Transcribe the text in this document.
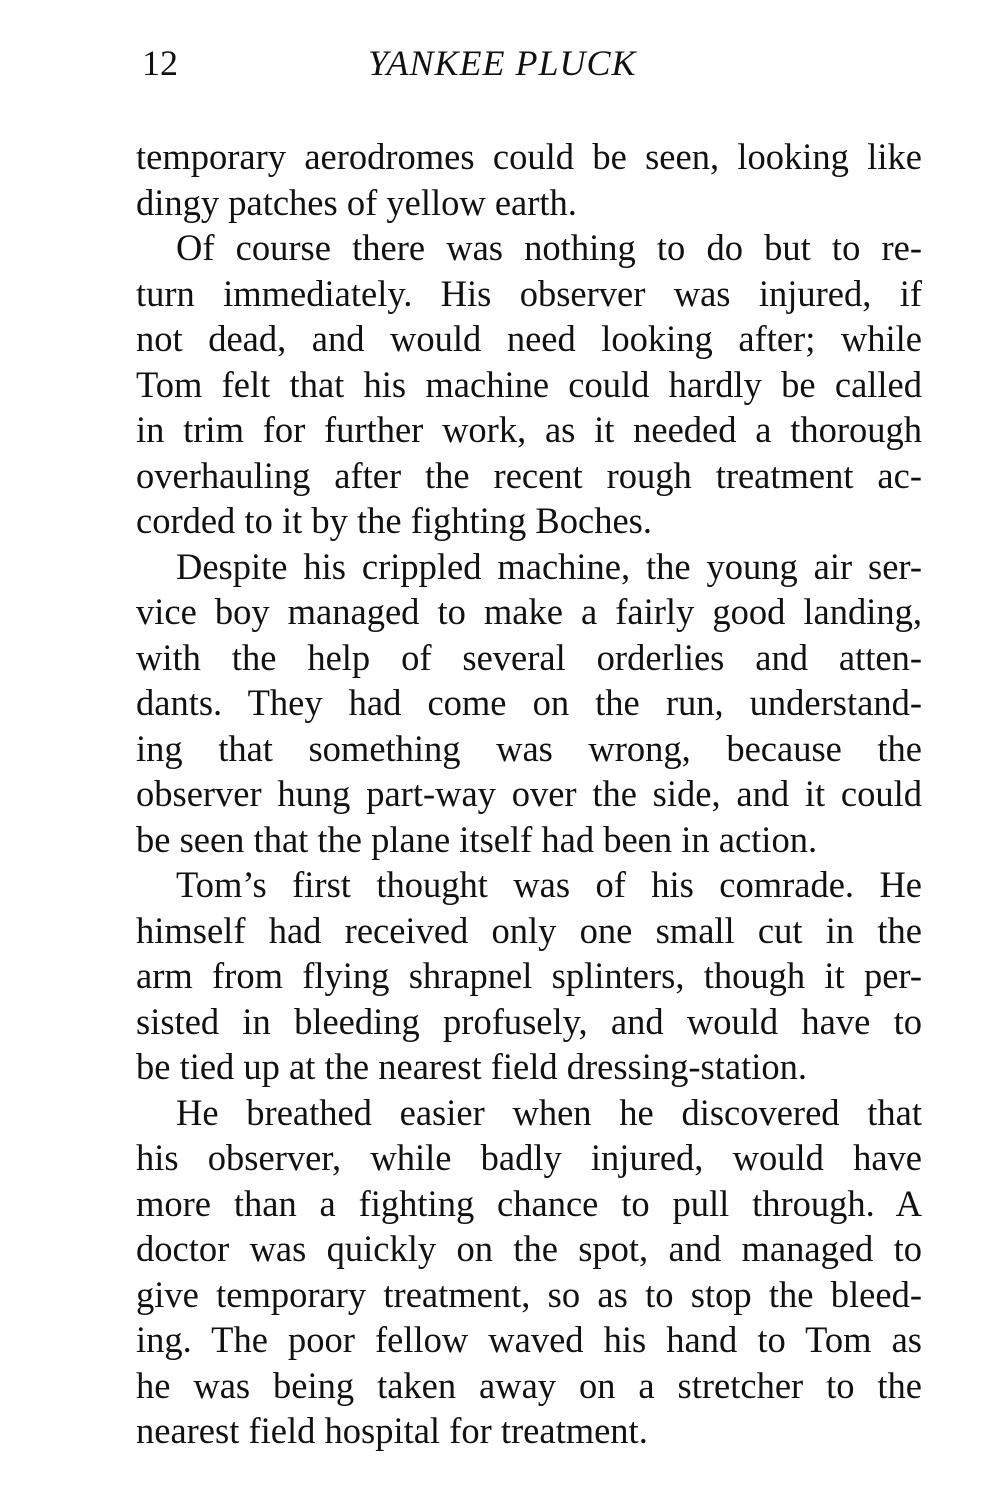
12	YANKEE PLUCK
temporary aerodromes could be seen, looking like
dingy patches of yellow earth.
Of course there was nothing to do but to re-
turn immediately. His observer was injured, if
not dead, and would need looking after; while
Tom felt that his machine could hardly be called
in trim for further work, as it needed a thorough
overhauling after the recent rough treatment ac-
corded to it by the fighting Boches.
Despite his crippled machine, the young air ser-
vice boy managed to make a fairly good landing,
with the help of several orderlies and atten-
dants. They had come on the run, understand-
ing that something was wrong, because the
observer hung part-way over the side, and it could
be seen that the plane itself had been in action.
Tom’s first thought was of his comrade. He
himself had received only one small cut in the
arm from flying shrapnel splinters, though it per-
sisted in bleeding profusely, and would have to
be tied up at the nearest field dressing-station.
He breathed easier when he discovered that
his observer, while badly injured, would have
more than a fighting chance to pull through. A
doctor was quickly on the spot, and managed to
give temporary treatment, so as to stop the bleed-
ing. The poor fellow waved his hand to Tom as
he was being taken away on a stretcher to the
nearest field hospital for treatment.
